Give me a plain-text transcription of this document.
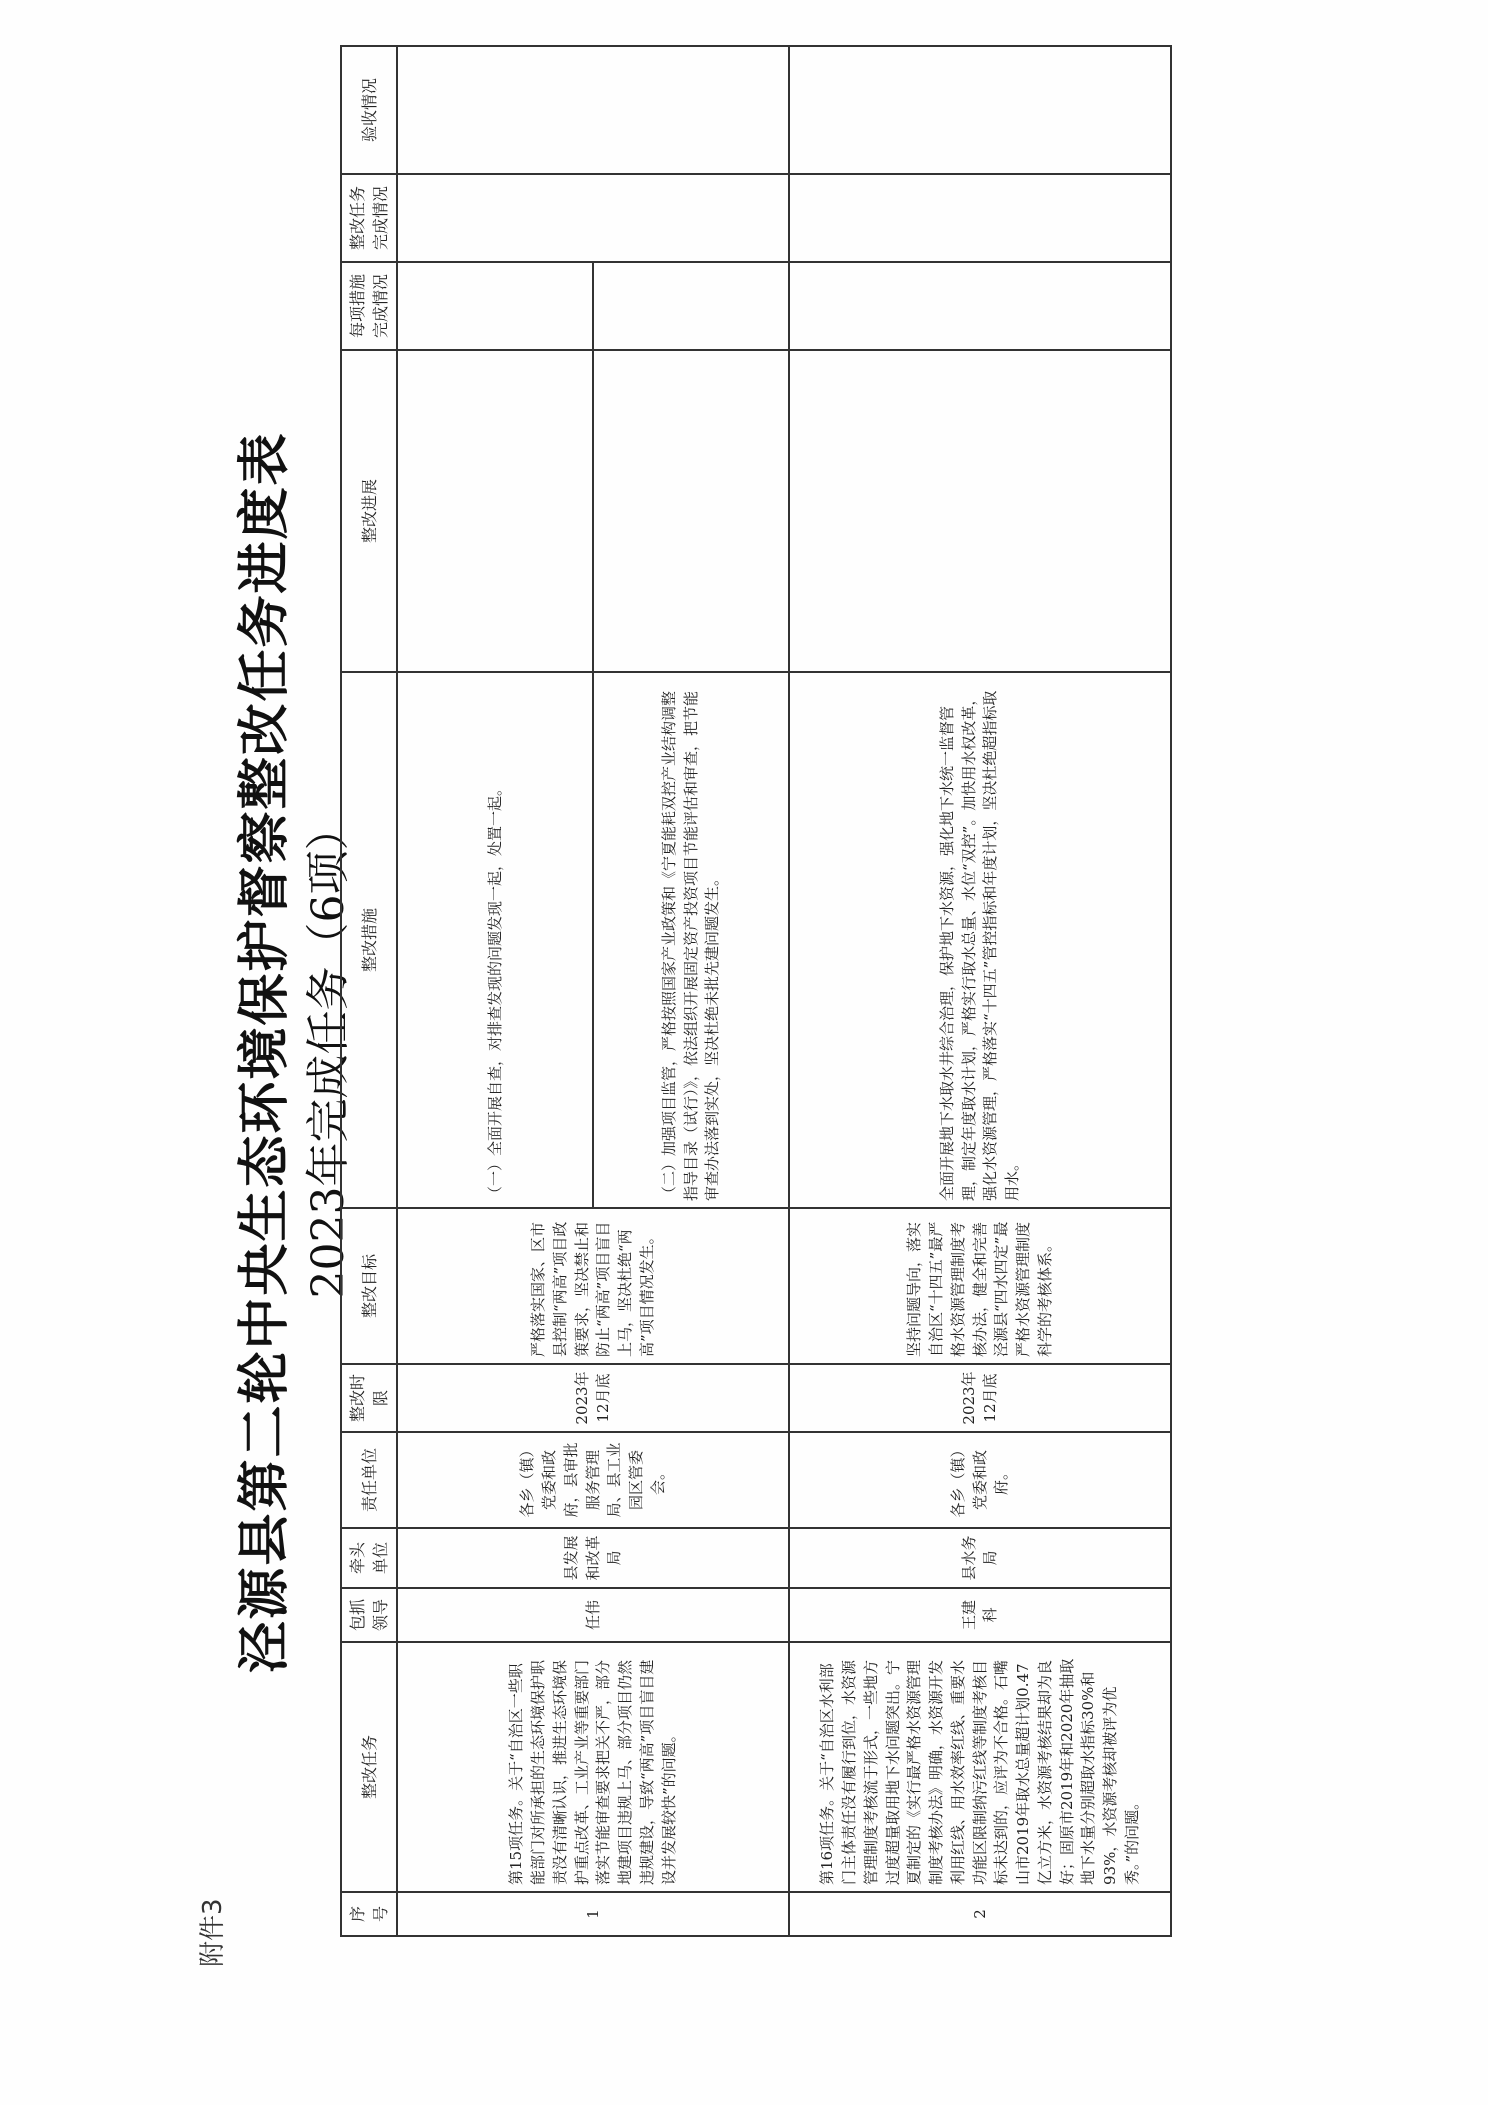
附件3
泾源县第二轮中央生态环境保护督察整改任务进度表 2023年完成任务（6项）
序号	整改任务	包抓领导	牵头单位	责任单位	整改时限	整改目标	整改措施	整改进展	每项措施完成情况	整改任务完成情况	验收情况
1	第15项任务。关于“自治区一些职能部门对所承担的生态环境保护职责没有清晰认识，推进生态环境保护重点改革、工业产业等重要部门落实节能审查要求把关不严，部分地建项目违规上马、部分项目仍然违规建设，导致“两高”项目盲目建设并发展较快”的问题。	任伟	县发展和改革局	各乡（镇）党委和政府，县审批服务管理局、县工业园区管委会。	2023年12月底	严格落实国家、区市县控制“两高”项目政策要求，坚决禁止和防止“两高”项目盲目上马，坚决杜绝“两高”项目情况发生。	（一）全面开展自查，对排查发现的问题发现一起，处置一起。				
							（二）加强项目监管，严格按照国家产业政策和《宁夏能耗双控产业结构调整指导目录（试行）》，依法组织开展固定资产投资项目节能评估和审查，把节能审查办法落到实处，坚决杜绝未批先建问题发生。				
2	第16项任务。关于“自治区水利部门主体责任没有履行到位，水资源管理制度考核流于形式，一些地方过度超量取用地下水问题突出。宁夏制定的《实行最严格水资源管理制度考核办法》明确，水资源开发利用红线、用水效率红线、重要水功能区限制纳污红线等制度考核目标未达到的，应评为不合格。石嘴山市2019年取水总量超计划0.47亿立方米，水资源考核结果却为良好；固原市2019年和2020年抽取地下水量分别超取水指标30%和93%，水资源考核却被评为优秀。”的问题。	王建科	县水务局	各乡（镇）党委和政府。	2023年12月底	坚持问题导向，落实自治区“十四五”最严格水资源管理制度考核办法，健全和完善泾源县“四水四定”最严格水资源管理制度科学的考核体系。	全面开展地下水取水井综合治理，保护地下水资源，强化地下水统一监督管理，制定年度取水计划，严格实行取水总量、水位“双控”。加快用水权改革，强化水资源管理，严格落实“十四五”管控指标和年度计划，坚决杜绝超指标取用水。				
